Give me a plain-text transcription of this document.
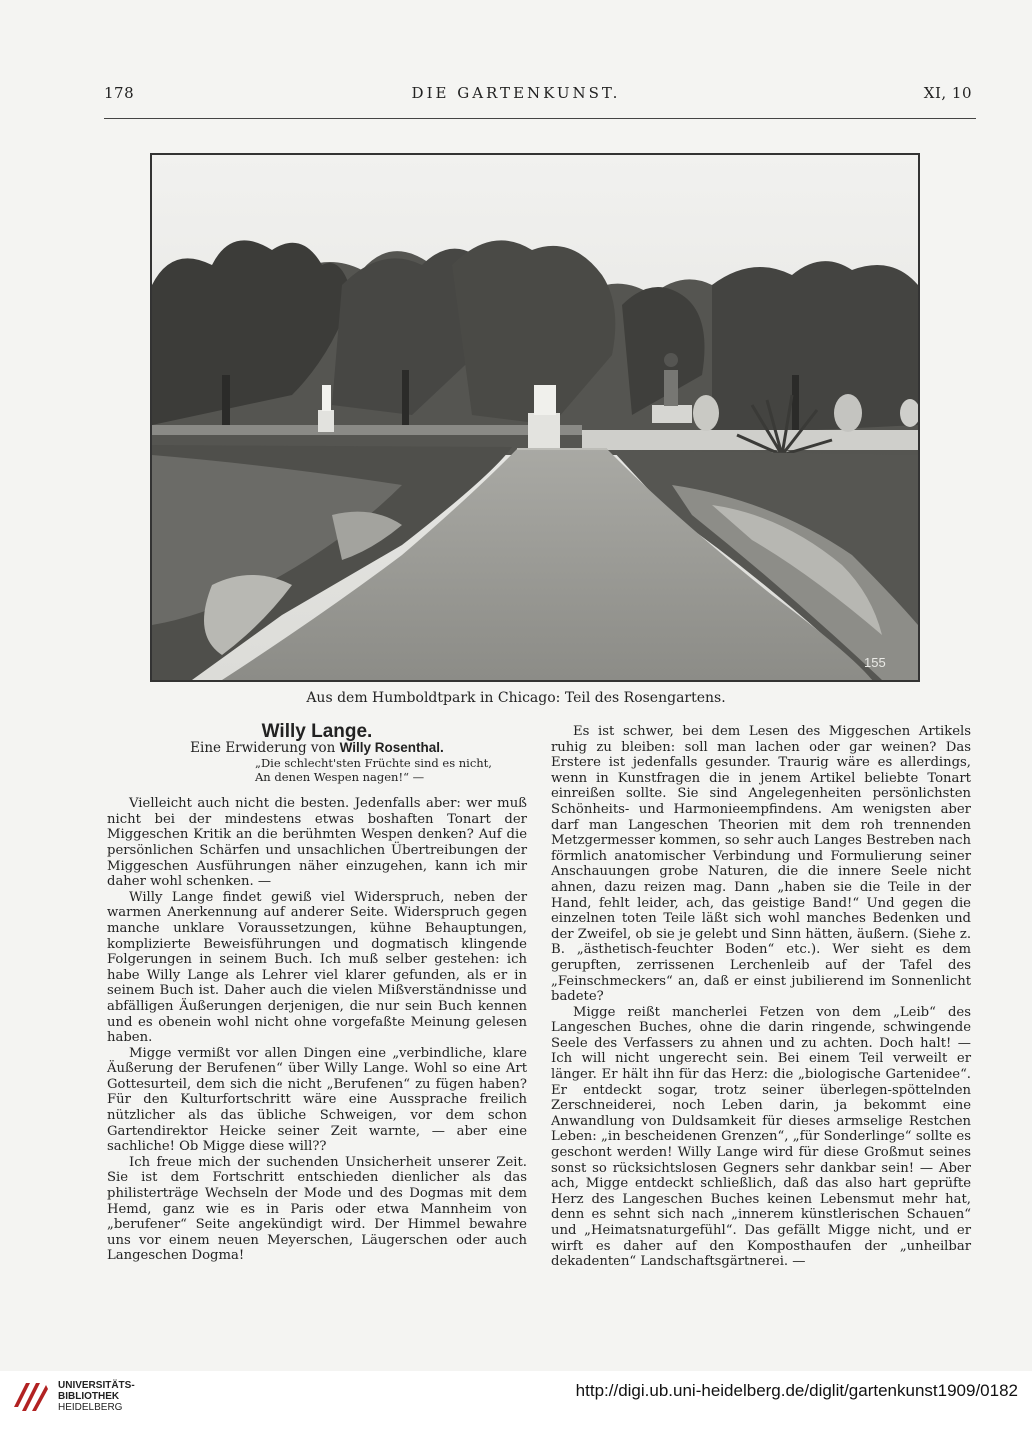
178	DIE GARTENKUNST.	XI, 10
155
Aus dem Humboldtpark in Chicago: Teil des Rosengartens.

Willy Lange.

Eine Erwiderung von Willy Rosenthal.

„Die schlecht'sten Früchte sind es nicht,
An denen Wespen nagen!“ —

Vielleicht auch nicht die besten. Jedenfalls aber: wer muß nicht bei der mindestens etwas boshaften Tonart der Miggeschen Kritik an die berühmten Wespen denken? Auf die persönlichen Schärfen und unsachlichen Übertreibungen der Miggeschen Ausführungen näher einzugehen, kann ich mir daher wohl schenken. —

Willy Lange findet gewiß viel Widerspruch, neben der warmen Anerkennung auf anderer Seite. Widerspruch gegen manche unklare Voraussetzungen, kühne Behauptungen, komplizierte Beweisführungen und dogmatisch klingende Folgerungen in seinem Buch. Ich muß selber gestehen: ich habe Willy Lange als Lehrer viel klarer gefunden, als er in seinem Buch ist. Daher auch die vielen Mißverständnisse und abfälligen Äußerungen derjenigen, die nur sein Buch kennen und es obenein wohl nicht ohne vorgefaßte Meinung gelesen haben.

Migge vermißt vor allen Dingen eine „verbindliche, klare Äußerung der Berufenen“ über Willy Lange. Wohl so eine Art Gottesurteil, dem sich die nicht „Berufenen“ zu fügen haben? Für den Kulturfortschritt wäre eine Aussprache freilich nützlicher als das übliche Schweigen, vor dem schon Gartendirektor Heicke seiner Zeit warnte, — aber eine sachliche! Ob Migge diese will??

Ich freue mich der suchenden Unsicherheit unserer Zeit. Sie ist dem Fortschritt entschieden dienlicher als das philisterträge Wechseln der Mode und des Dogmas mit dem Hemd, ganz wie es in Paris oder etwa Mannheim von „berufener“ Seite angekündigt wird. Der Himmel bewahre uns vor einem neuen Meyerschen, Läugerschen oder auch Langeschen Dogma!

Es ist schwer, bei dem Lesen des Miggeschen Artikels ruhig zu bleiben: soll man lachen oder gar weinen? Das Erstere ist jedenfalls gesunder. Traurig wäre es allerdings, wenn in Kunstfragen die in jenem Artikel beliebte Tonart einreißen sollte. Sie sind Angelegenheiten persönlichsten Schönheits- und Harmonieempfindens. Am wenigsten aber darf man Langeschen Theorien mit dem roh trennenden Metzgermesser kommen, so sehr auch Langes Bestreben nach förmlich anatomischer Verbindung und Formulierung seiner Anschauungen grobe Naturen, die die innere Seele nicht ahnen, dazu reizen mag. Dann „haben sie die Teile in der Hand, fehlt leider, ach, das geistige Band!“ Und gegen die einzelnen toten Teile läßt sich wohl manches Bedenken und der Zweifel, ob sie je gelebt und Sinn hätten, äußern. (Siehe z. B. „ästhetisch-feuchter Boden“ etc.). Wer sieht es dem gerupften, zerrissenen Lerchenleib auf der Tafel des „Feinschmeckers“ an, daß er einst jubilierend im Sonnenlicht badete?

Migge reißt mancherlei Fetzen von dem „Leib“ des Langeschen Buches, ohne die darin ringende, schwingende Seele des Verfassers zu ahnen und zu achten. Doch halt! — Ich will nicht ungerecht sein. Bei einem Teil verweilt er länger. Er hält ihn für das Herz: die „biologische Gartenidee“. Er entdeckt sogar, trotz seiner überlegen-spöttelnden Zerschneiderei, noch Leben darin, ja bekommt eine Anwandlung von Duldsamkeit für dieses armselige Restchen Leben: „in bescheidenen Grenzen“, „für Sonderlinge“ sollte es geschont werden! Willy Lange wird für diese Großmut seines sonst so rücksichtslosen Gegners sehr dankbar sein! — Aber ach, Migge entdeckt schließlich, daß das also hart geprüfte Herz des Langeschen Buches keinen Lebensmut mehr hat, denn es sehnt sich nach „innerem künstlerischen Schauen“ und „Heimatsnaturgefühl“. Das gefällt Migge nicht, und er wirft es daher auf den Komposthaufen der „unheilbar dekadenten“ Landschaftsgärtnerei. —

UNIVERSITÄTS-
BIBLIOTHEK
HEIDELBERG
http://digi.ub.uni-heidelberg.de/diglit/gartenkunst1909/0182
